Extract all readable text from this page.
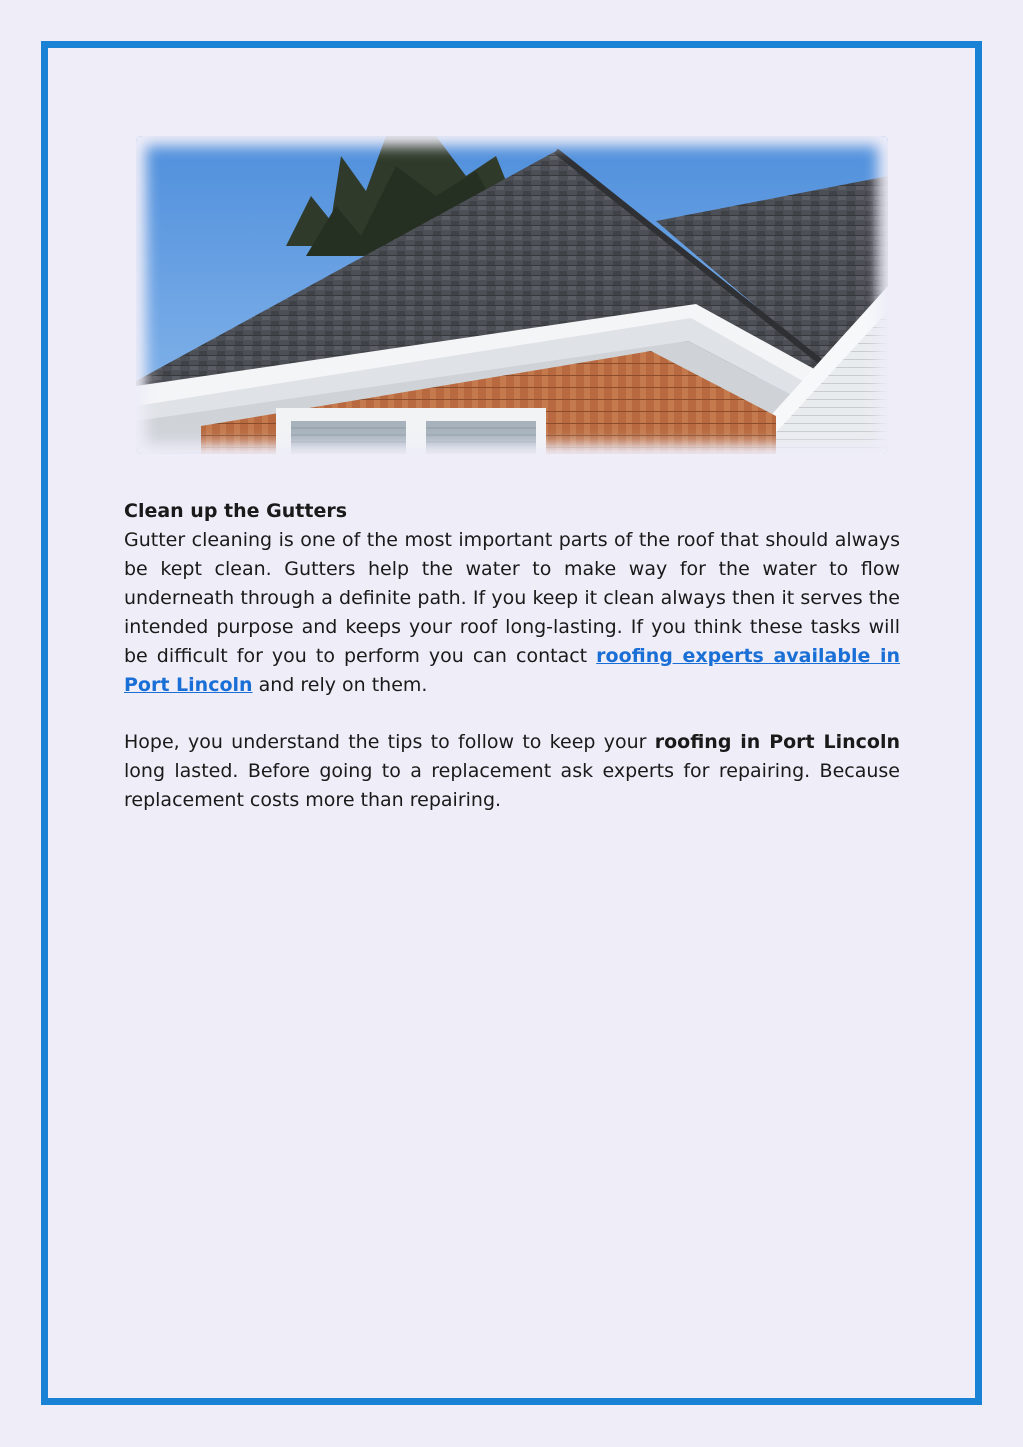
Clean up the Gutters

Gutter cleaning is one of the most important parts of the roof that should always be kept clean. Gutters help the water to make way for the water to flow underneath through a definite path. If you keep it clean always then it serves the intended purpose and keeps your roof long-lasting. If you think these tasks will be difficult for you to perform you can contact roofing experts available in Port Lincoln and rely on them.

Hope, you understand the tips to follow to keep your roofing in Port Lincoln long lasted. Before going to a replacement ask experts for repairing. Because replacement costs more than repairing.
